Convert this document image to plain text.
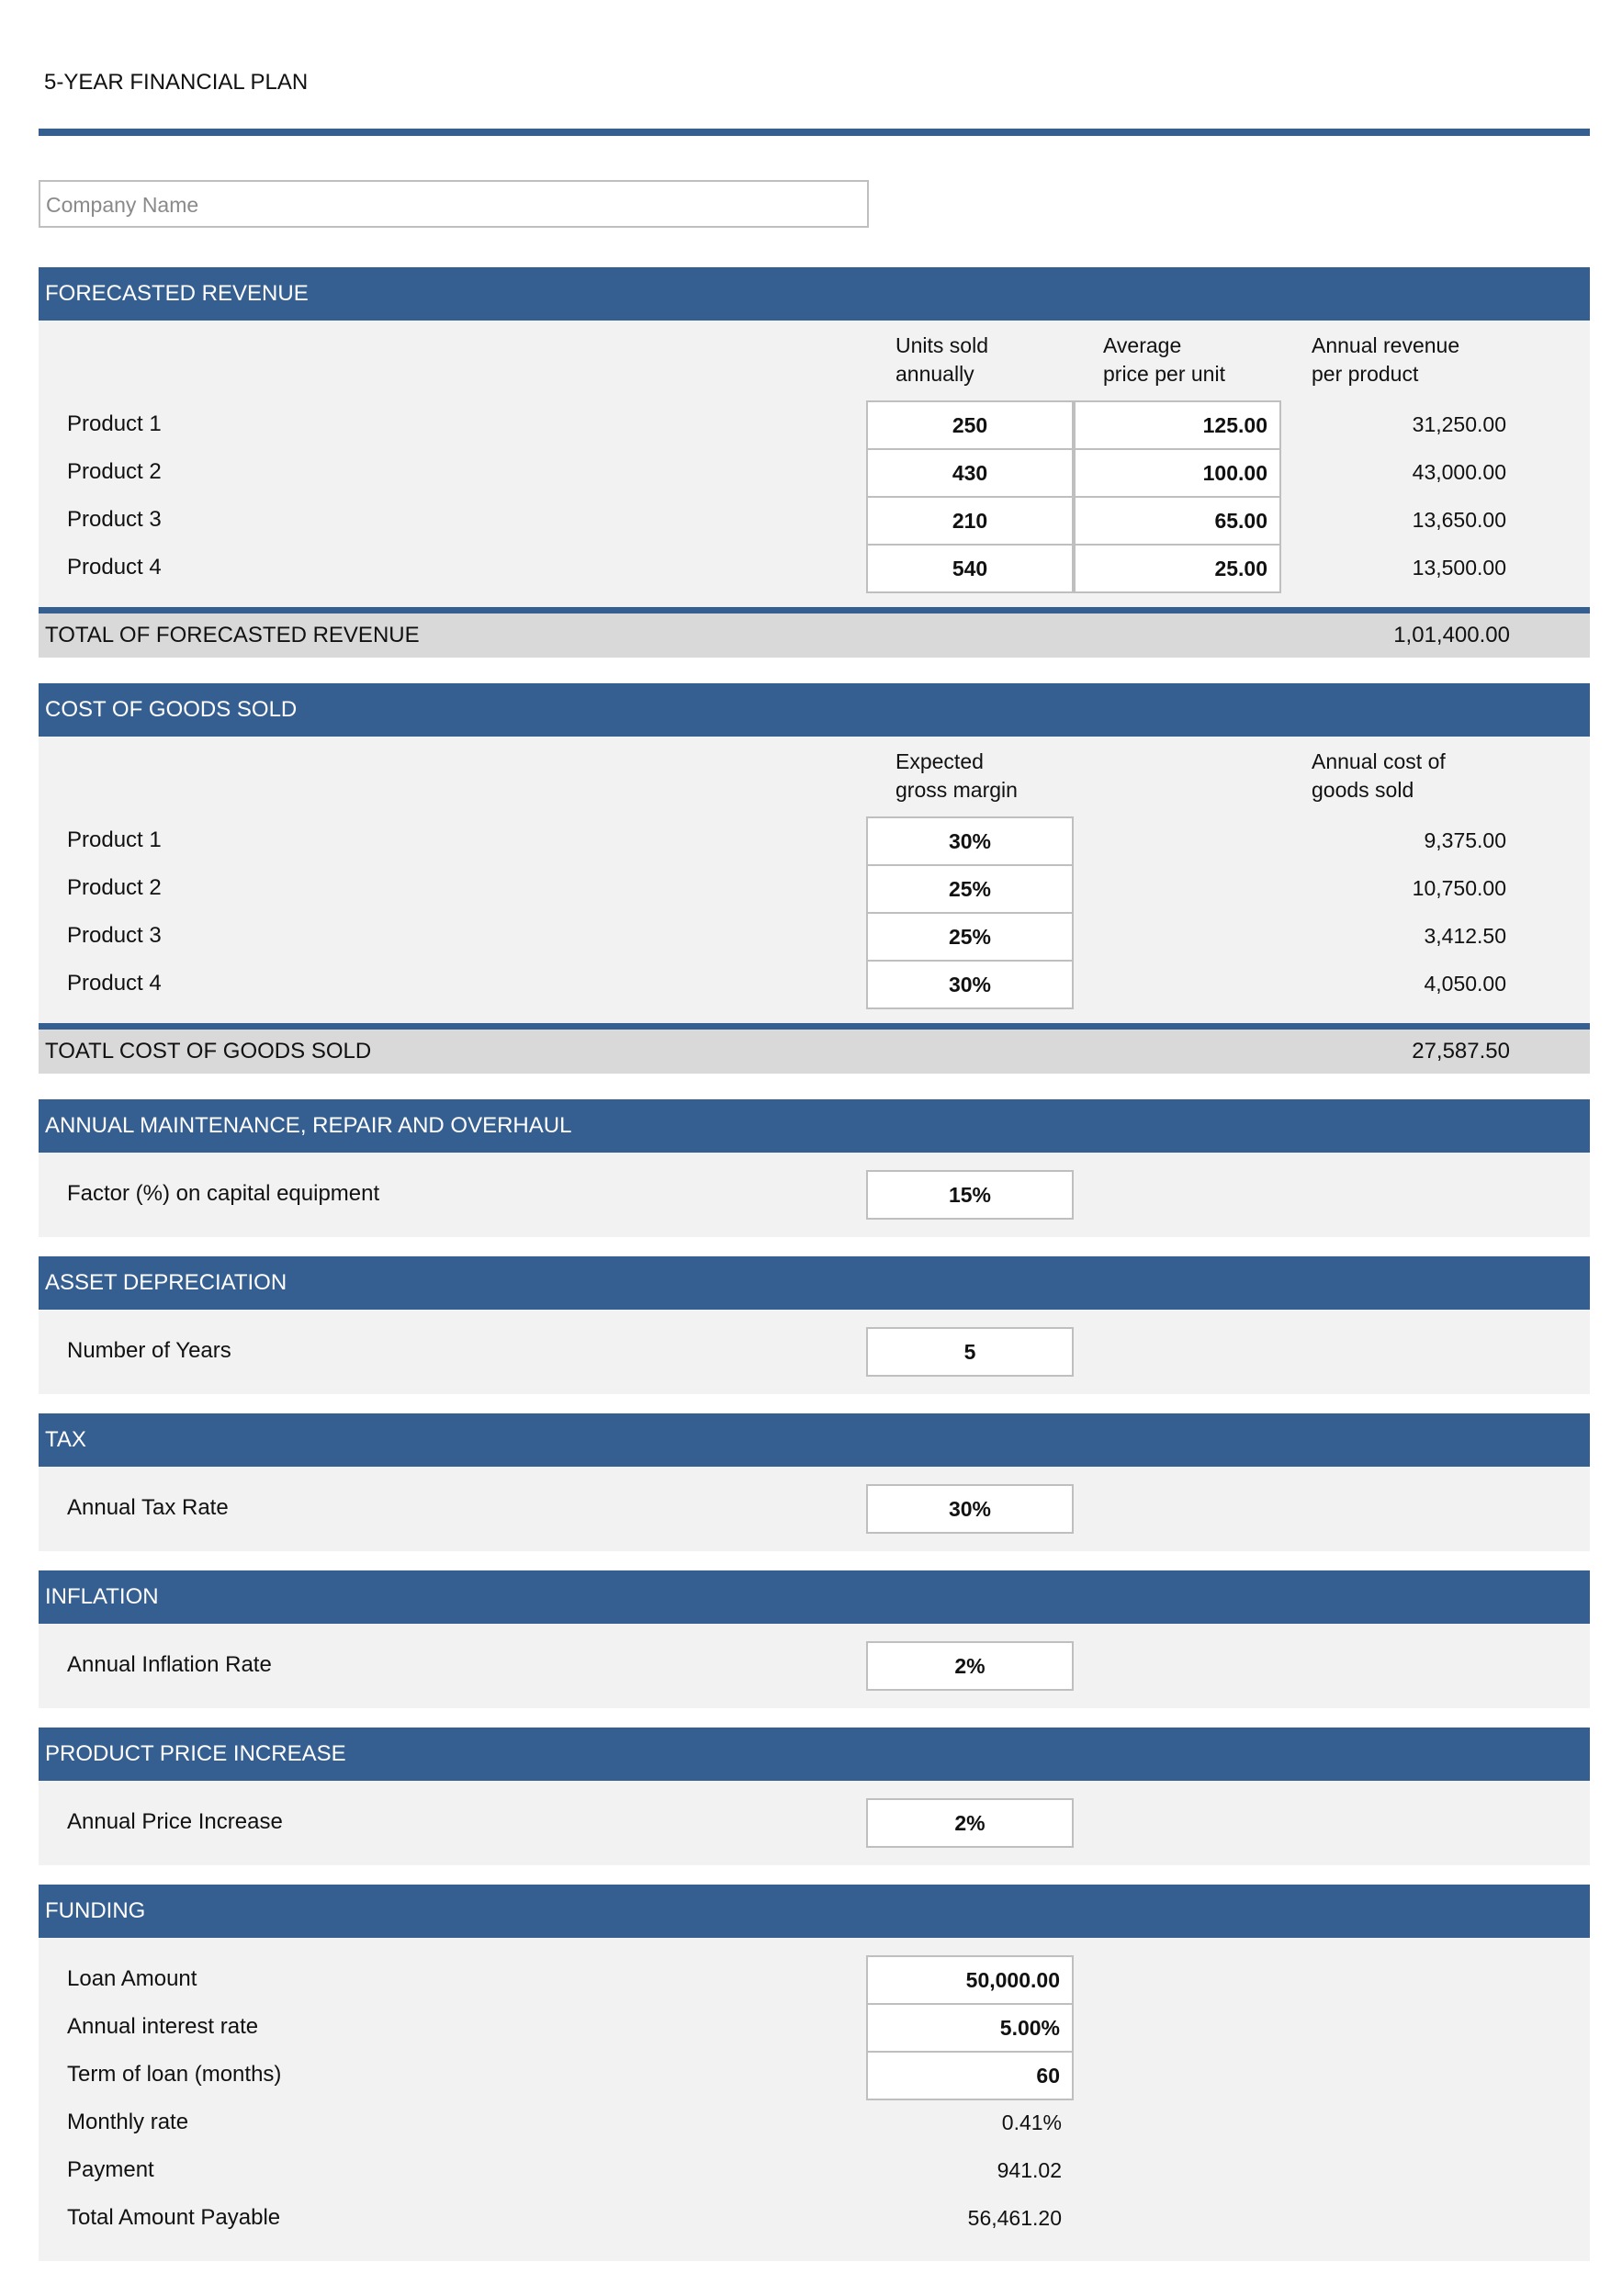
5-YEAR FINANCIAL PLAN
Company Name
FORECASTED REVENUE
Units sold
annually
Average
price per unit
Annual revenue
per product
Product 1	250	125.00	31,250.00
Product 2	430	100.00	43,000.00
Product 3	210	65.00	13,650.00
Product 4	540	25.00	13,500.00
TOTAL OF FORECASTED REVENUE	1,01,400.00
COST OF GOODS SOLD
Expected
gross margin
Annual cost of
goods sold
Product 1	30%	9,375.00
Product 2	25%	10,750.00
Product 3	25%	3,412.50
Product 4	30%	4,050.00
TOATL COST OF GOODS SOLD	27,587.50
ANNUAL MAINTENANCE, REPAIR AND OVERHAUL
Factor (%) on capital equipment	15%
ASSET DEPRECIATION
Number of Years	5
TAX
Annual Tax Rate	30%
INFLATION
Annual Inflation Rate	2%
PRODUCT PRICE INCREASE
Annual Price Increase	2%
FUNDING
Loan Amount	50,000.00
Annual interest rate	5.00%
Term of loan (months)	60
Monthly rate	0.41%
Payment	941.02
Total Amount Payable	56,461.20
